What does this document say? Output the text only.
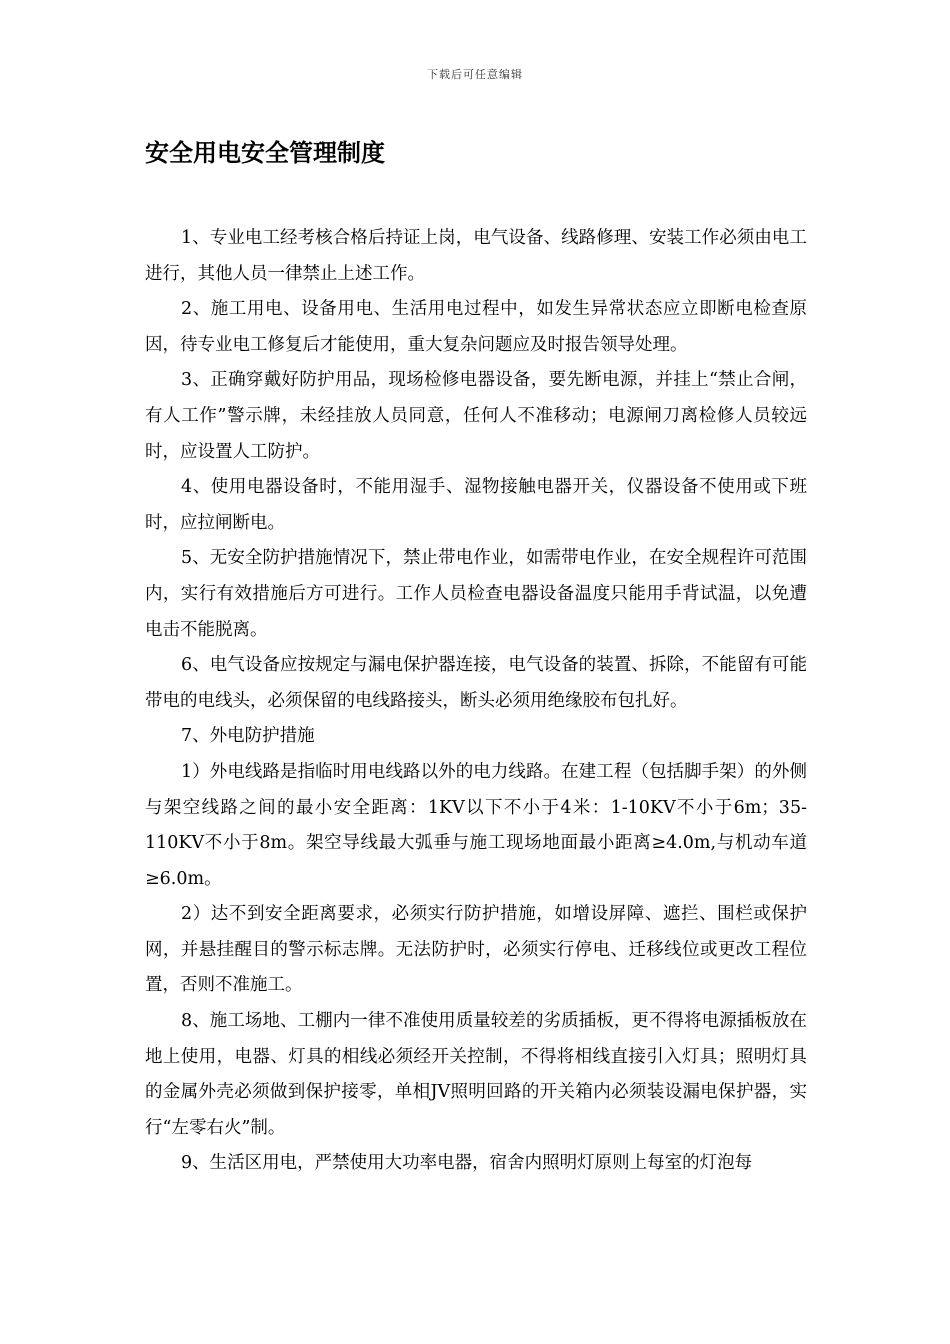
下载后可任意编辑
安全用电安全管理制度

1、专业电工经考核合格后持证上岗，电气设备、线路修理、安装工作必须由电工进行，其他人员一律禁止上述工作。

2、施工用电、设备用电、生活用电过程中，如发生异常状态应立即断电检查原因，待专业电工修复后才能使用，重大复杂问题应及时报告领导处理。

3、正确穿戴好防护用品，现场检修电器设备，要先断电源，并挂上“禁止合闸，有人工作”警示牌，未经挂放人员同意，任何人不准移动；电源闸刀离检修人员较远时，应设置人工防护。

4、使用电器设备时，不能用湿手、湿物接触电器开关，仪器设备不使用或下班时，应拉闸断电。

5、无安全防护措施情况下，禁止带电作业，如需带电作业，在安全规程许可范围内，实行有效措施后方可进行。工作人员检查电器设备温度只能用手背试温，以免遭电击不能脱离。

6、电气设备应按规定与漏电保护器连接，电气设备的装置、拆除，不能留有可能带电的电线头，必须保留的电线路接头，断头必须用绝缘胶布包扎好。

7、外电防护措施

1）外电线路是指临时用电线路以外的电力线路。在建工程（包括脚手架）的外侧与架空线路之间的最小安全距离：1KV以下不小于4米：1-10KV不小于6m；35-110KV不小于8m。架空导线最大弧垂与施工现场地面最小距离≥4.0m,与机动车道≥6.0m。

2）达不到安全距离要求，必须实行防护措施，如增设屏障、遮拦、围栏或保护网，并悬挂醒目的警示标志牌。无法防护时，必须实行停电、迁移线位或更改工程位置，否则不准施工。

8、施工场地、工棚内一律不准使用质量较差的劣质插板，更不得将电源插板放在地上使用，电器、灯具的相线必须经开关控制，不得将相线直接引入灯具；照明灯具的金属外壳必须做到保护接零，单相JV照明回路的开关箱内必须装设漏电保护器，实行“左零右火”制。

9、生活区用电，严禁使用大功率电器，宿舍内照明灯原则上每室的灯泡每
